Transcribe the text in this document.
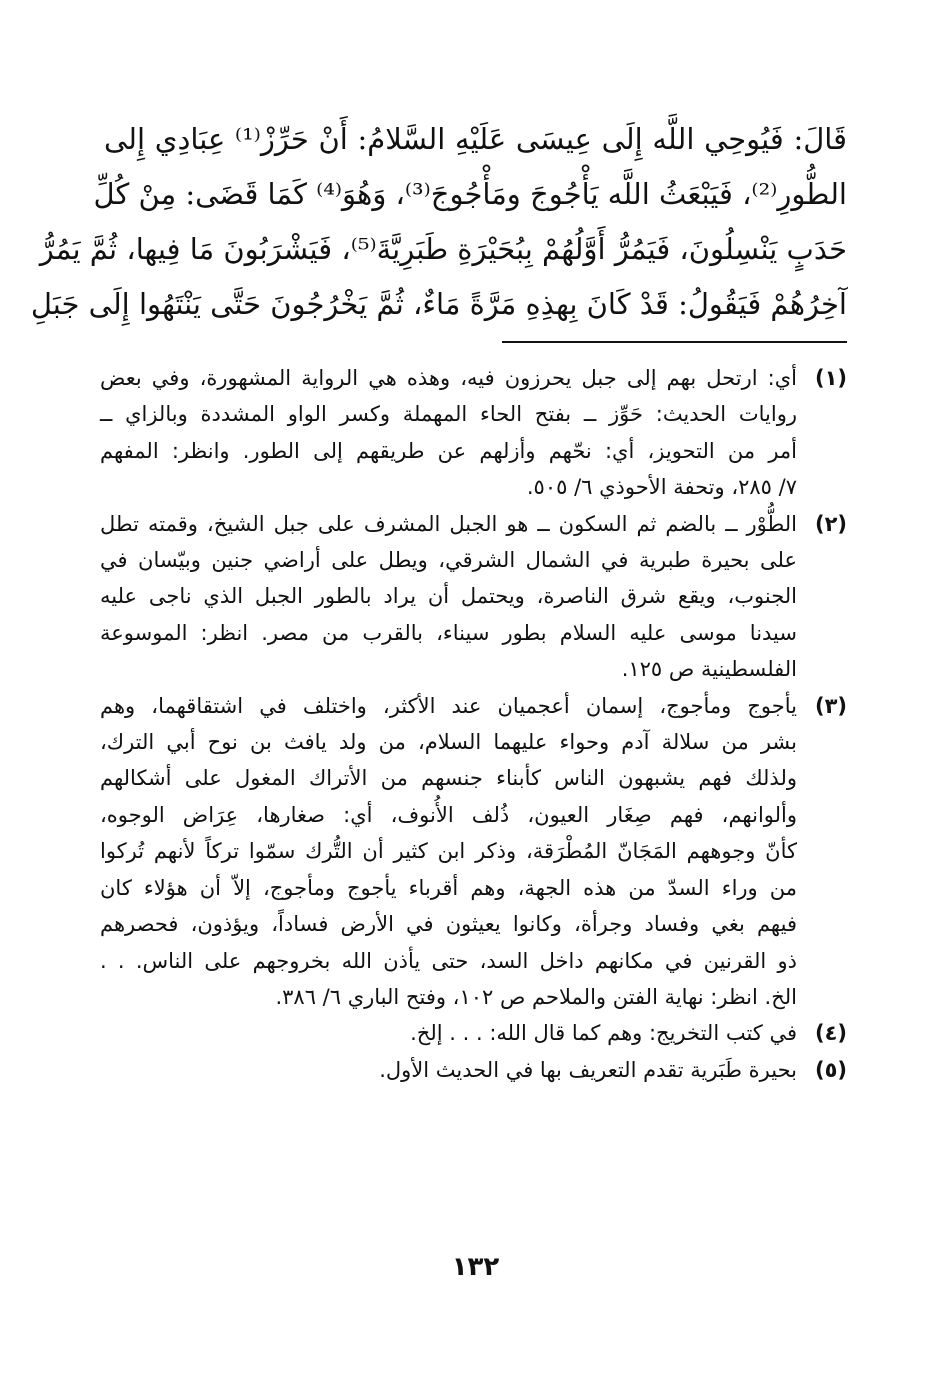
قَالَ: فَيُوحِي اللَّه إِلَى عِيسَى عَلَيْهِ السَّلامُ: أَنْ حَرِّزْ⁽¹⁾ عِبَادِي إِلى
الطُّورِ⁽²⁾، فَيَبْعَثُ اللَّه يَأْجُوجَ ومَأْجُوجَ⁽³⁾، وَهُوَ⁽⁴⁾ كَمَا قَضَى: مِنْ كُلِّ
حَدَبٍ يَنْسِلُونَ، فَيَمُرُّ أَوَّلُهُمْ بِبُحَيْرَةِ طَبَرِيَّةَ⁽⁵⁾، فَيَشْرَبُونَ مَا فِيها، ثُمَّ يَمُرُّ
آخِرُهُمْ فَيَقُولُ: قَدْ كَانَ بِهذِهِ مَرَّةً مَاءٌ، ثُمَّ يَخْرُجُونَ حَتَّى يَنْتَهُوا إِلَى جَبَلِ
(١)
أي: ارتحل بهم إلى جبل يحرزون فيه، وهذه هي الرواية المشهورة، وفي بعض
روايات الحديث: حَوِّز ــ بفتح الحاء المهملة وكسر الواو المشددة وبالزاي ــ
أمر من التحويز، أي: نحّهم وأزلهم عن طريقهم إلى الطور. وانظر: المفهم
٧/ ٢٨٥، وتحفة الأحوذي ٦/ ٥٠٥.
(٢)
الطُّوْر ــ بالضم ثم السكون ــ هو الجبل المشرف على جبل الشيخ، وقمته تطل
على بحيرة طبرية في الشمال الشرقي، ويطل على أراضي جنين وبيّسان في
الجنوب، ويقع شرق الناصرة، ويحتمل أن يراد بالطور الجبل الذي ناجى عليه
سيدنا موسى عليه السلام بطور سيناء، بالقرب من مصر. انظر: الموسوعة
الفلسطينية ص ١٢٥.
(٣)
يأجوج ومأجوج، إسمان أعجميان عند الأكثر، واختلف في اشتقاقهما، وهم
بشر من سلالة آدم وحواء عليهما السلام، من ولد يافث بن نوح أبي الترك،
ولذلك فهم يشبهون الناس كأبناء جنسهم من الأتراك المغول على أشكالهم
وألوانهم، فهم صِغَار العيون، ذُلف الأُنوف، أي: صغارها، عِرَاض الوجوه،
كأنّ وجوههم المَجَانّ المُطْرَقة، وذكر ابن كثير أن التُّرك سمّوا تركاً لأنهم تُركوا
من وراء السدّ من هذه الجهة، وهم أقرباء يأجوج ومأجوج، إلاّ أن هؤلاء كان
فيهم بغي وفساد وجرأة، وكانوا يعيثون في الأرض فساداً، ويؤذون، فحصرهم
ذو القرنين في مكانهم داخل السد، حتى يأذن الله بخروجهم على الناس. . .
الخ. انظر: نهاية الفتن والملاحم ص ١٠٢، وفتح الباري ٦/ ٣٨٦.
(٤)
في كتب التخريج: وهم كما قال الله: . . . إلخ.
(٥)
بحيرة طَبَرية تقدم التعريف بها في الحديث الأول.
١٣٢
